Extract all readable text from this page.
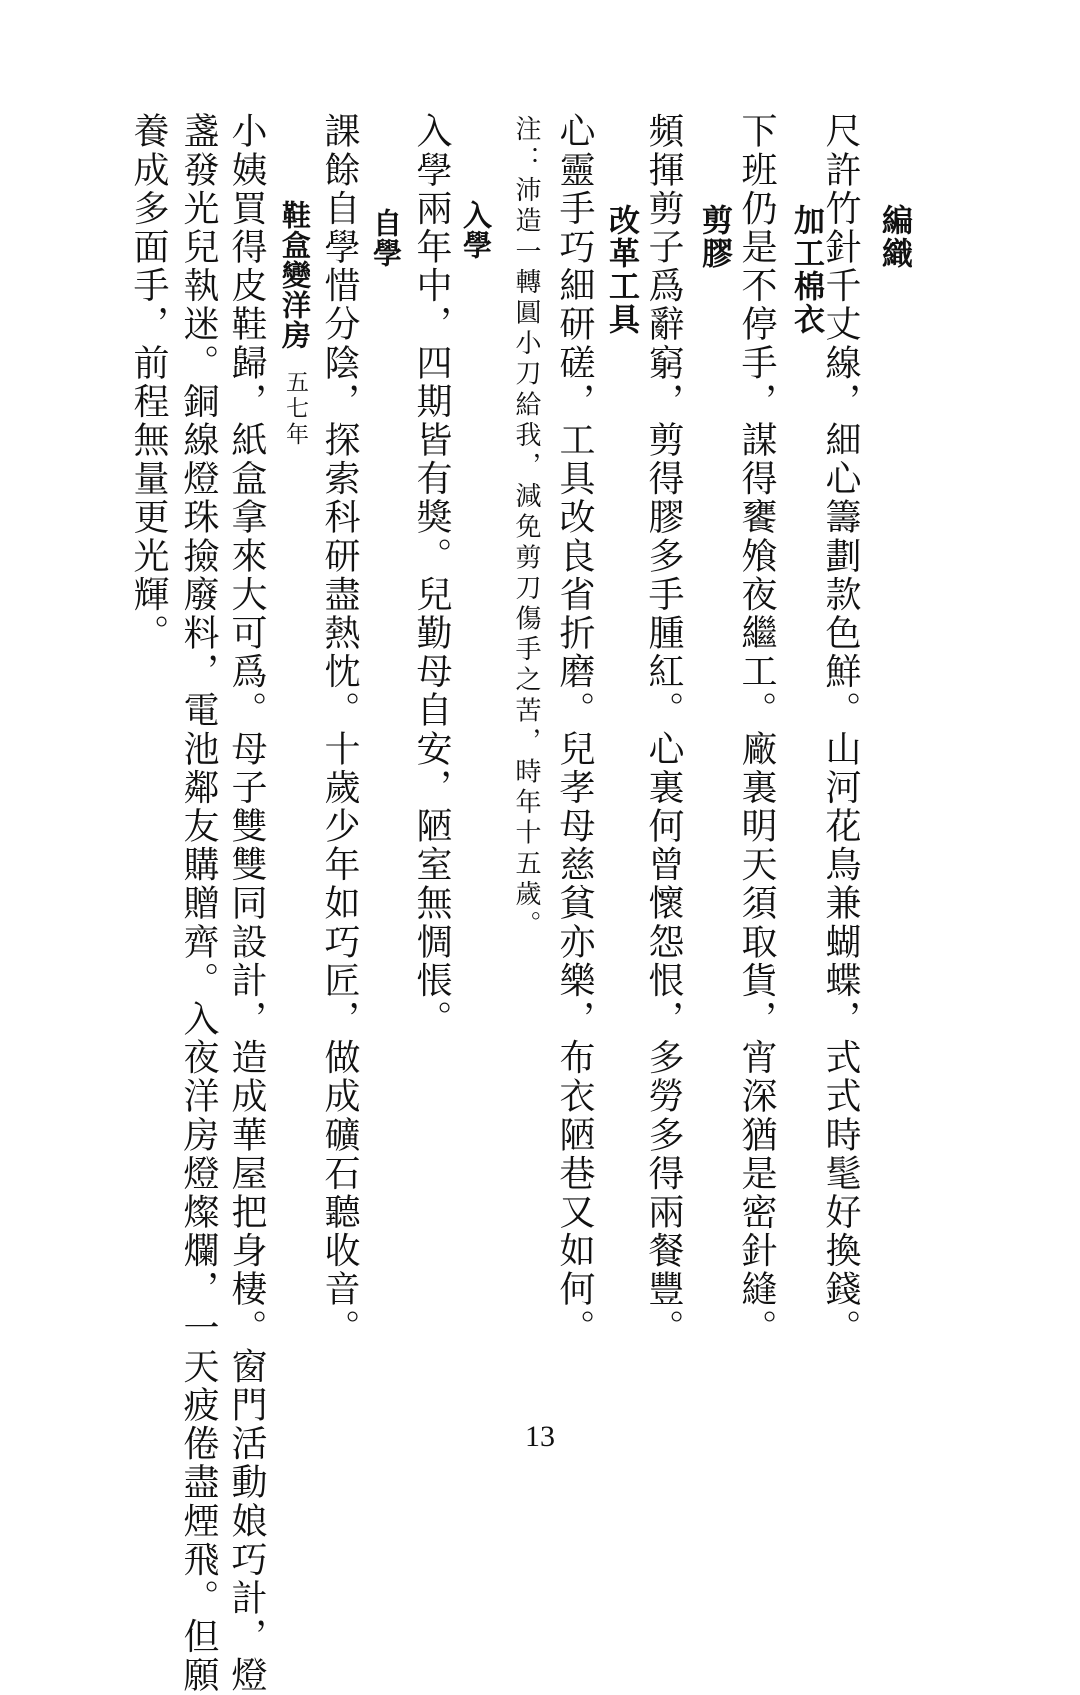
編織
尺許竹針千丈線，細心籌劃款色鮮。山河花鳥兼蝴蝶，式式時髦好換錢。
加工棉衣
下班仍是不停手，謀得饔飧夜繼工。廠裏明天須取貨，宵深猶是密針縫。
剪膠
頻揮剪子爲辭窮，剪得膠多手腫紅。心裏何曾懷怨恨，多勞多得兩餐豐。
改革工具
心靈手巧細研磋，工具改良省折磨。兒孝母慈貧亦樂，布衣陋巷又如何。
注：沛造一轉圓小刀給我，減免剪刀傷手之苦，時年十五歲。
入學
入學兩年中，四期皆有獎。兒勤母自安，陋室無惆悵。
自學
課餘自學惜分陰，探索科研盡熱忱。十歲少年如巧匠，做成礦石聽收音。
鞋盒變洋房五七年
小姨買得皮鞋歸，紙盒拿來大可爲。母子雙雙同設計，造成華屋把身棲。窗門活動娘巧計，燈
盞發光兒執迷。銅線燈珠撿廢料，電池鄰友購贈齊。入夜洋房燈燦爛，一天疲倦盡煙飛。但願
養成多面手，前程無量更光輝。
13
